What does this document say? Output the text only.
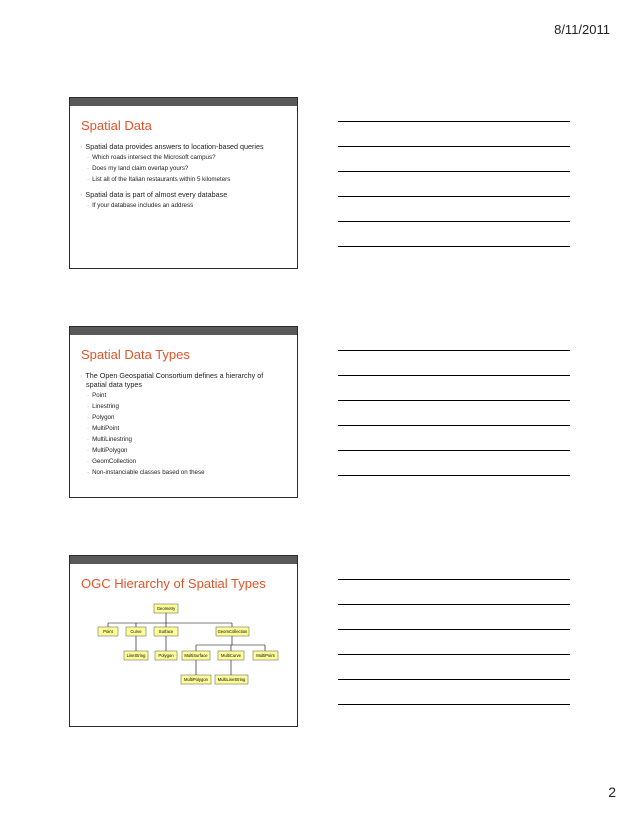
8/11/2011
Spatial Data
· Spatial data provides answers to location-based queries
· Which roads intersect the Microsoft campus?
· Does my land claim overlap yours?
· List all of the Italian restaurants within 5 kilometers
· Spatial data is part of almost every database
· If your database includes an address
Spatial Data Types
· The Open Geospatial Consortium defines a hierarchy of
spatial data types
· Point
· Linestring
· Polygon
· MultiPoint
· MultiLinestring
· MultiPolygon
· GeomCollection
· Non-instanciable classes based on these
OGC Hierarchy of Spatial Types
Geometry
Point	Curve	Surface	GeomCollection
LineString	Polygon	MultiSurface	MultiCurve	MultiPoint
MultiPolygon MultiLineString
2
